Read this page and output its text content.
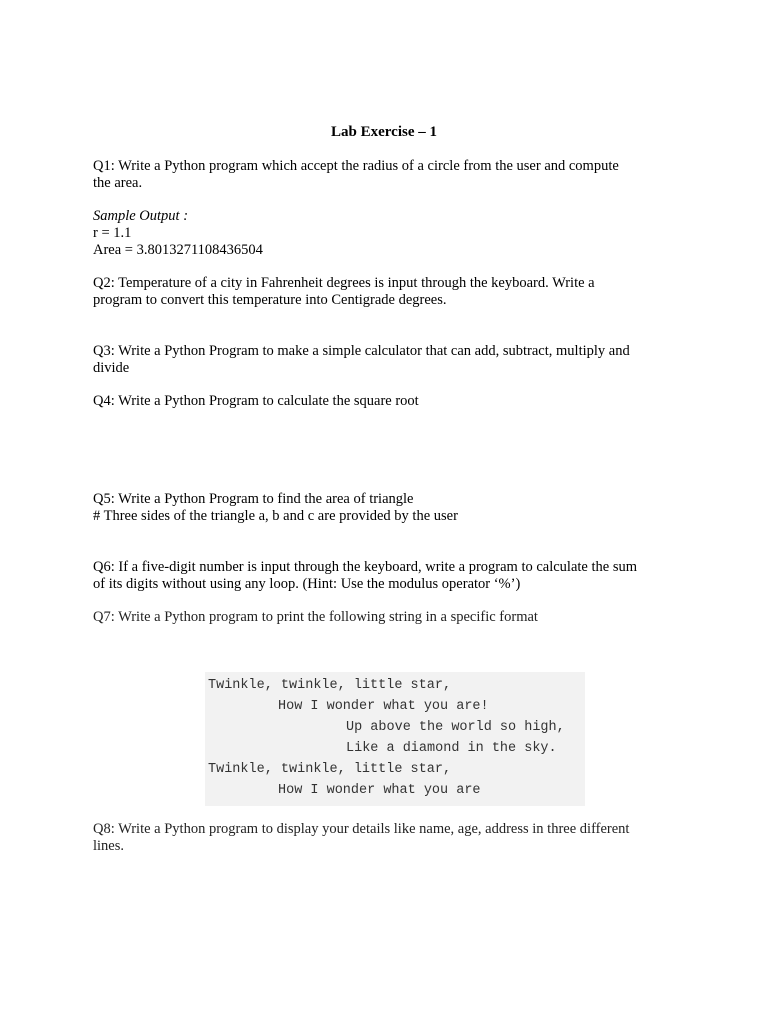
Lab Exercise – 1
Q1: Write a Python program which accept the radius of a circle from the user and compute
the area.
Sample Output :
r = 1.1
Area = 3.8013271108436504
Q2: Temperature of a city in Fahrenheit degrees is input through the keyboard. Write a
program to convert this temperature into Centigrade degrees.
Q3: Write a Python Program to make a simple calculator that can add, subtract, multiply and
divide
Q4: Write a Python Program to calculate the square root
Q5: Write a Python Program to find the area of triangle
# Three sides of the triangle a, b and c are provided by the user
Q6: If a five-digit number is input through the keyboard, write a program to calculate the sum
of its digits without using any loop. (Hint: Use the modulus operator ‘%’)
Q7: Write a Python program to print the following string in a specific format
Twinkle, twinkle, little star,
How I wonder what you are!
Up above the world so high,
Like a diamond in the sky.
Twinkle, twinkle, little star,
How I wonder what you are
Q8: Write a Python program to display your details like name, age, address in three different
lines.
